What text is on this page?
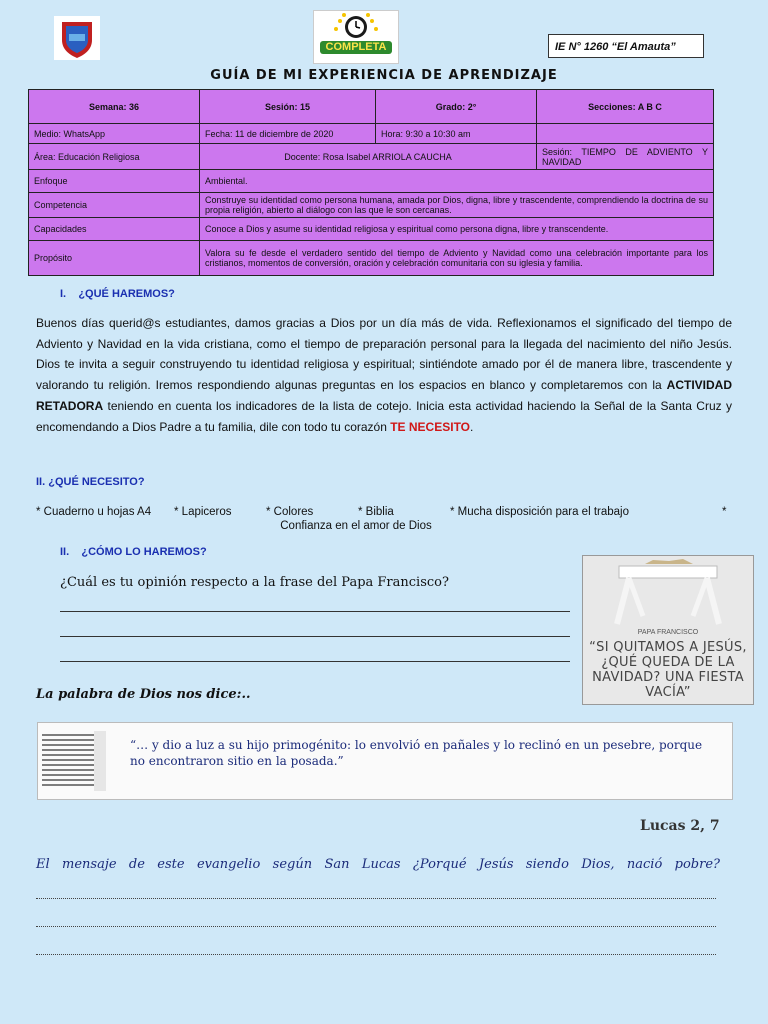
COMPLETA	IE N° 1260 “El Amauta”
GUÍA DE MI EXPERIENCIA DE APRENDIZAJE
Semana: 36	Sesión: 15	Grado: 2°	Secciones: A B C
Medio: WhatsApp	Fecha: 11 de diciembre de 2020	Hora: 9:30 a 10:30 am	
Área: Educación Religiosa	Docente: Rosa Isabel ARRIOLA CAUCHA		Sesión: TIEMPO DE ADVIENTO Y NAVIDAD
Enfoque	Ambiental.		
Competencia	Construye su identidad como persona humana, amada por Dios, digna, libre y trascendente, comprendiendo la doctrina de su propia religión, abierto al diálogo con las que le son cercanas.		
Capacidades	Conoce a Dios y asume su identidad religiosa y espiritual como persona digna, libre y transcendente.		
Propósito	Valora su fe desde el verdadero sentido del tiempo de Adviento y Navidad como una celebración importante para los cristianos, momentos de conversión, oración y celebración comunitaria con su iglesia y familia.		
I.    ¿QUÉ HAREMOS?
Buenos días querid@s estudiantes, damos gracias a Dios por un día más de vida. Reflexionamos el significado del tiempo de Adviento y Navidad en la vida cristiana, como el tiempo de preparación personal para la llegada del nacimiento del niño Jesús. Dios te invita a seguir construyendo tu identidad religiosa y espiritual; sintiéndote amado por él de manera libre, trascendente y valorando tu religión. Iremos respondiendo algunas preguntas en los espacios en blanco y completaremos con la ACTIVIDAD RETADORA teniendo en cuenta los indicadores de la lista de cotejo. Inicia esta actividad haciendo la Señal de la Santa Cruz y encomendando a Dios Padre a tu familia, dile con todo tu corazón TE NECESITO.
II. ¿QUÉ NECESITO?
* Cuaderno u hojas A4 * Lapiceros	* Colores	* Biblia	* Mucha disposición para el trabajo	*
Confianza en el amor de Dios
II.    ¿CÓMO LO HAREMOS?
¿Cuál es tu opinión respecto a la frase del Papa Francisco?
PAPA FRANCISCO
“SI QUITAMOS A JESÚS, ¿QUÉ QUEDA DE LA NAVIDAD? UNA FIESTA VACÍA”
La palabra de Dios nos dice:..
“… y dio a luz a su hijo primogénito: lo envolvió en pañales y lo reclinó en un pesebre, porque no encontraron sitio en la posada.”
Lucas 2, 7
El mensaje de este evangelio según San Lucas ¿Porqué Jesús siendo Dios, nació pobre?
